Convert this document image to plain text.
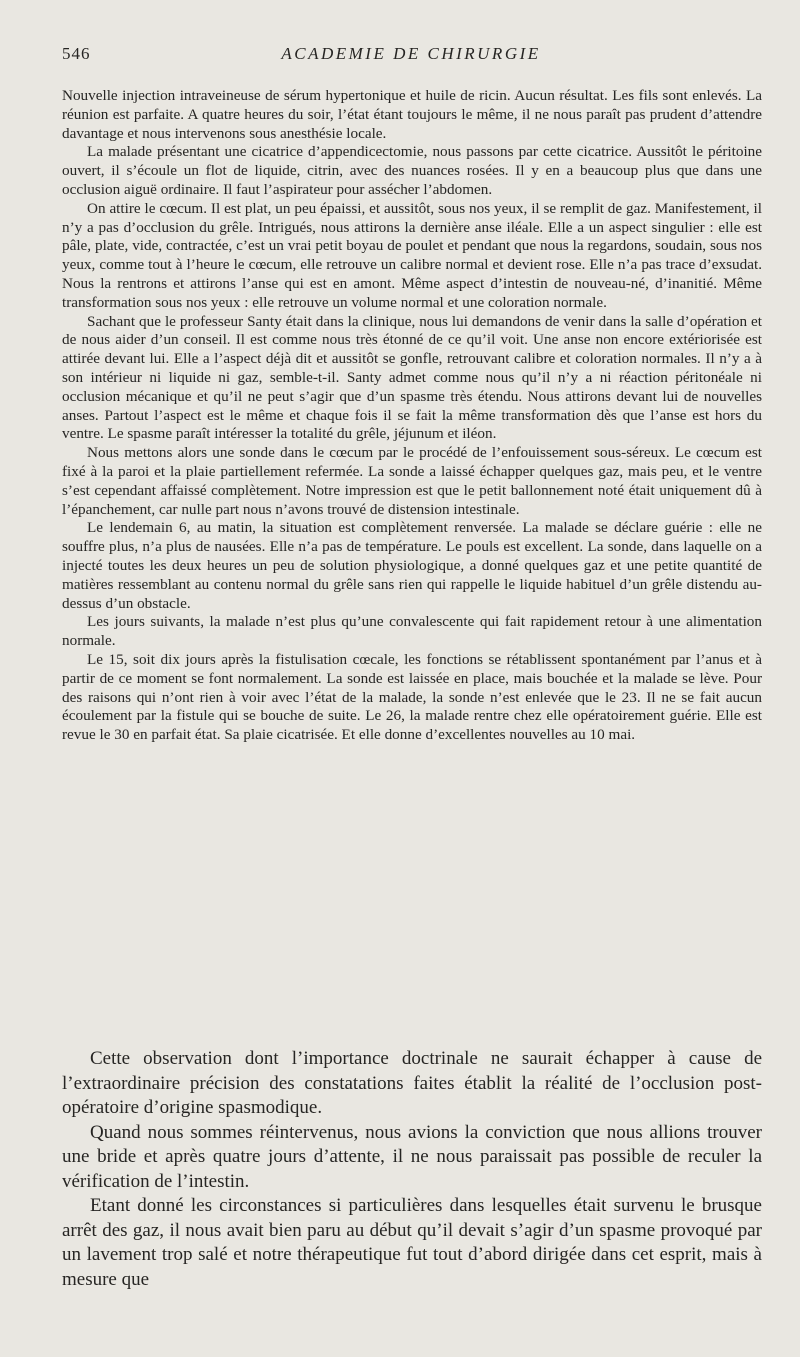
546	ACADEMIE DE CHIRURGIE

Nouvelle injection intraveineuse de sérum hypertonique et huile de ricin. Aucun résultat. Les fils sont enlevés. La réunion est parfaite. A quatre heures du soir, l’état étant toujours le même, il ne nous paraît pas prudent d’attendre davantage et nous intervenons sous anesthésie locale.

La malade présentant une cicatrice d’appendicectomie, nous passons par cette cicatrice. Aussitôt le péritoine ouvert, il s’écoule un flot de liquide, citrin, avec des nuances rosées. Il y en a beaucoup plus que dans une occlusion aiguë ordinaire. Il faut l’aspirateur pour assécher l’abdomen.

On attire le cœcum. Il est plat, un peu épaissi, et aussitôt, sous nos yeux, il se remplit de gaz. Manifestement, il n’y a pas d’occlusion du grêle. Intrigués, nous attirons la dernière anse iléale. Elle a un aspect singulier : elle est pâle, plate, vide, contractée, c’est un vrai petit boyau de poulet et pendant que nous la regardons, soudain, sous nos yeux, comme tout à l’heure le cœcum, elle retrouve un calibre normal et devient rose. Elle n’a pas trace d’exsudat. Nous la rentrons et attirons l’anse qui est en amont. Même aspect d’intestin de nouveau-né, d’inanitié. Même transformation sous nos yeux : elle retrouve un volume normal et une coloration normale.

Sachant que le professeur Santy était dans la clinique, nous lui demandons de venir dans la salle d’opération et de nous aider d’un conseil. Il est comme nous très étonné de ce qu’il voit. Une anse non encore extériorisée est attirée devant lui. Elle a l’aspect déjà dit et aussitôt se gonfle, retrouvant calibre et coloration normales. Il n’y a à son intérieur ni liquide ni gaz, semble-t-il. Santy admet comme nous qu’il n’y a ni réaction péritonéale ni occlusion mécanique et qu’il ne peut s’agir que d’un spasme très étendu. Nous attirons devant lui de nouvelles anses. Partout l’aspect est le même et chaque fois il se fait la même transformation dès que l’anse est hors du ventre. Le spasme paraît intéresser la totalité du grêle, jéjunum et iléon.

Nous mettons alors une sonde dans le cœcum par le procédé de l’enfouissement sous-séreux. Le cœcum est fixé à la paroi et la plaie partiellement refermée. La sonde a laissé échapper quelques gaz, mais peu, et le ventre s’est cependant affaissé complètement. Notre impression est que le petit ballonnement noté était uniquement dû à l’épanchement, car nulle part nous n’avons trouvé de distension intestinale.

Le lendemain 6, au matin, la situation est complètement renversée. La malade se déclare guérie : elle ne souffre plus, n’a plus de nausées. Elle n’a pas de température. Le pouls est excellent. La sonde, dans laquelle on a injecté toutes les deux heures un peu de solution physiologique, a donné quelques gaz et une petite quantité de matières ressemblant au contenu normal du grêle sans rien qui rappelle le liquide habituel d’un grêle distendu au-dessus d’un obstacle.

Les jours suivants, la malade n’est plus qu’une convalescente qui fait rapidement retour à une alimentation normale.

Le 15, soit dix jours après la fistulisation cœcale, les fonctions se rétablissent spontanément par l’anus et à partir de ce moment se font normalement. La sonde est laissée en place, mais bouchée et la malade se lève. Pour des raisons qui n’ont rien à voir avec l’état de la malade, la sonde n’est enlevée que le 23. Il ne se fait aucun écoulement par la fistule qui se bouche de suite. Le 26, la malade rentre chez elle opératoirement guérie. Elle est revue le 30 en parfait état. Sa plaie cicatrisée. Et elle donne d’excellentes nouvelles au 10 mai.

Cette observation dont l’importance doctrinale ne saurait échapper à cause de l’extraordinaire précision des constatations faites établit la réalité de l’occlusion post-opératoire d’origine spasmodique.

Quand nous sommes réintervenus, nous avions la conviction que nous allions trouver une bride et après quatre jours d’attente, il ne nous paraissait pas possible de reculer la vérification de l’intestin.

Etant donné les circonstances si particulières dans lesquelles était survenu le brusque arrêt des gaz, il nous avait bien paru au début qu’il devait s’agir d’un spasme provoqué par un lavement trop salé et notre thérapeutique fut tout d’abord dirigée dans cet esprit, mais à mesure que
